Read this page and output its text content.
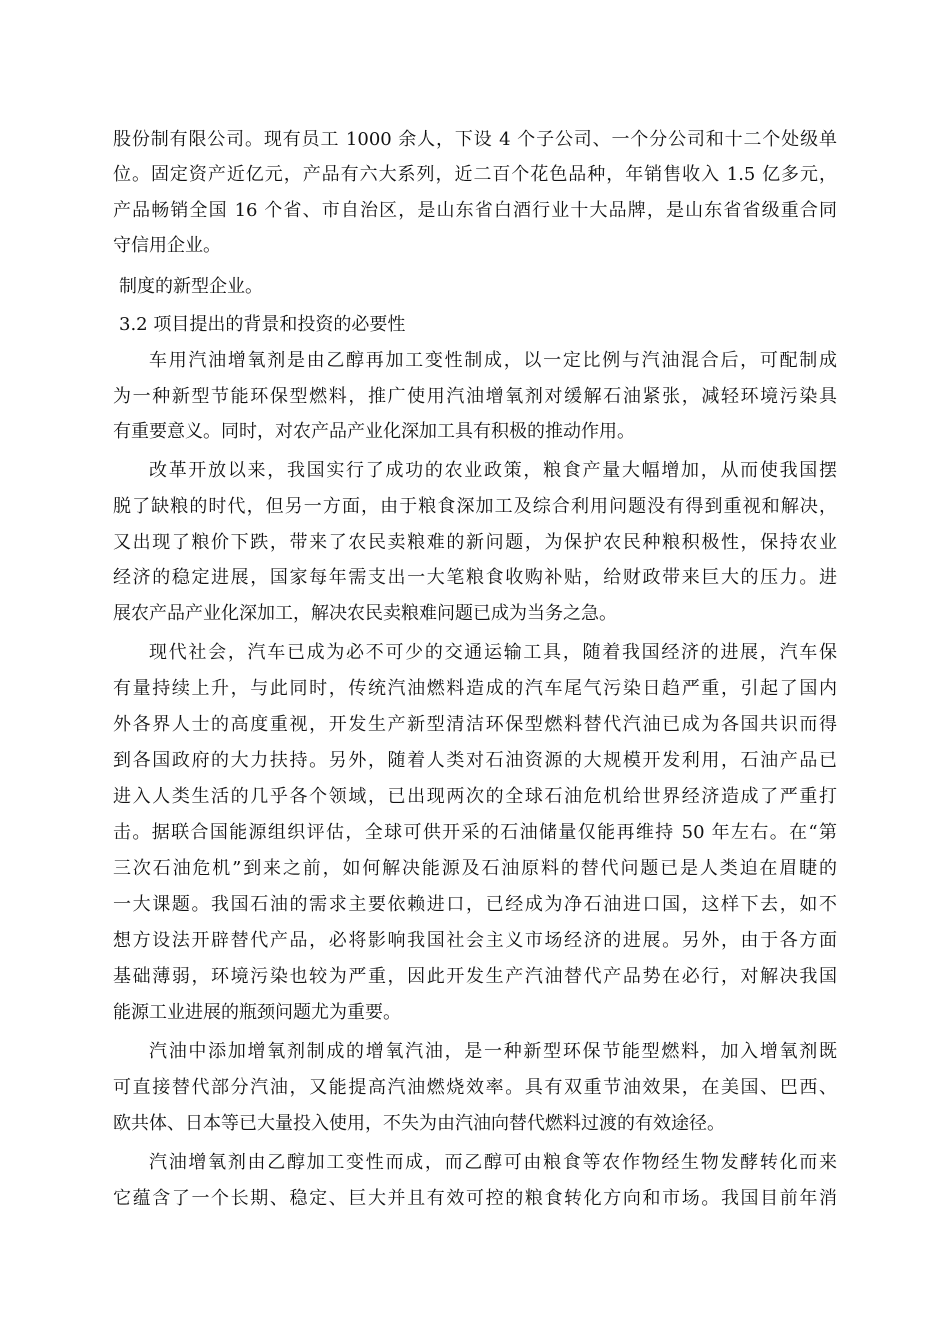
股份制有限公司。现有员工 1000 余人，下设 4 个子公司、一个分公司和十二个处级单
位。固定资产近亿元，产品有六大系列，近二百个花色品种，年销售收入 1.5 亿多元，
产品畅销全国 16 个省、市自治区，是山东省白酒行业十大品牌，是山东省省级重合同
守信用企业。
制度的新型企业。
3.2 项目提出的背景和投资的必要性
车用汽油增氧剂是由乙醇再加工变性制成，以一定比例与汽油混合后，可配制成
为一种新型节能环保型燃料，推广使用汽油增氧剂对缓解石油紧张，减轻环境污染具
有重要意义。同时，对农产品产业化深加工具有积极的推动作用。
改革开放以来，我国实行了成功的农业政策，粮食产量大幅增加，从而使我国摆
脱了缺粮的时代，但另一方面，由于粮食深加工及综合利用问题没有得到重视和解决，
又出现了粮价下跌，带来了农民卖粮难的新问题，为保护农民种粮积极性，保持农业
经济的稳定进展，国家每年需支出一大笔粮食收购补贴，给财政带来巨大的压力。进
展农产品产业化深加工，解决农民卖粮难问题已成为当务之急。
现代社会，汽车已成为必不可少的交通运输工具，随着我国经济的进展，汽车保
有量持续上升，与此同时，传统汽油燃料造成的汽车尾气污染日趋严重，引起了国内
外各界人士的高度重视，开发生产新型清洁环保型燃料替代汽油已成为各国共识而得
到各国政府的大力扶持。另外，随着人类对石油资源的大规模开发利用，石油产品已
进入人类生活的几乎各个领域，已出现两次的全球石油危机给世界经济造成了严重打
击。据联合国能源组织评估，全球可供开采的石油储量仅能再维持 50 年左右。在“第
三次石油危机”到来之前，如何解决能源及石油原料的替代问题已是人类迫在眉睫的
一大课题。我国石油的需求主要依赖进口，已经成为净石油进口国，这样下去，如不
想方设法开辟替代产品，必将影响我国社会主义市场经济的进展。另外，由于各方面
基础薄弱，环境污染也较为严重，因此开发生产汽油替代产品势在必行，对解决我国
能源工业进展的瓶颈问题尤为重要。
汽油中添加增氧剂制成的增氧汽油，是一种新型环保节能型燃料，加入增氧剂既
可直接替代部分汽油，又能提高汽油燃烧效率。具有双重节油效果，在美国、巴西、
欧共体、日本等已大量投入使用，不失为由汽油向替代燃料过渡的有效途径。
汽油增氧剂由乙醇加工变性而成，而乙醇可由粮食等农作物经生物发酵转化而来
它蕴含了一个长期、稳定、巨大并且有效可控的粮食转化方向和市场。我国目前年消
